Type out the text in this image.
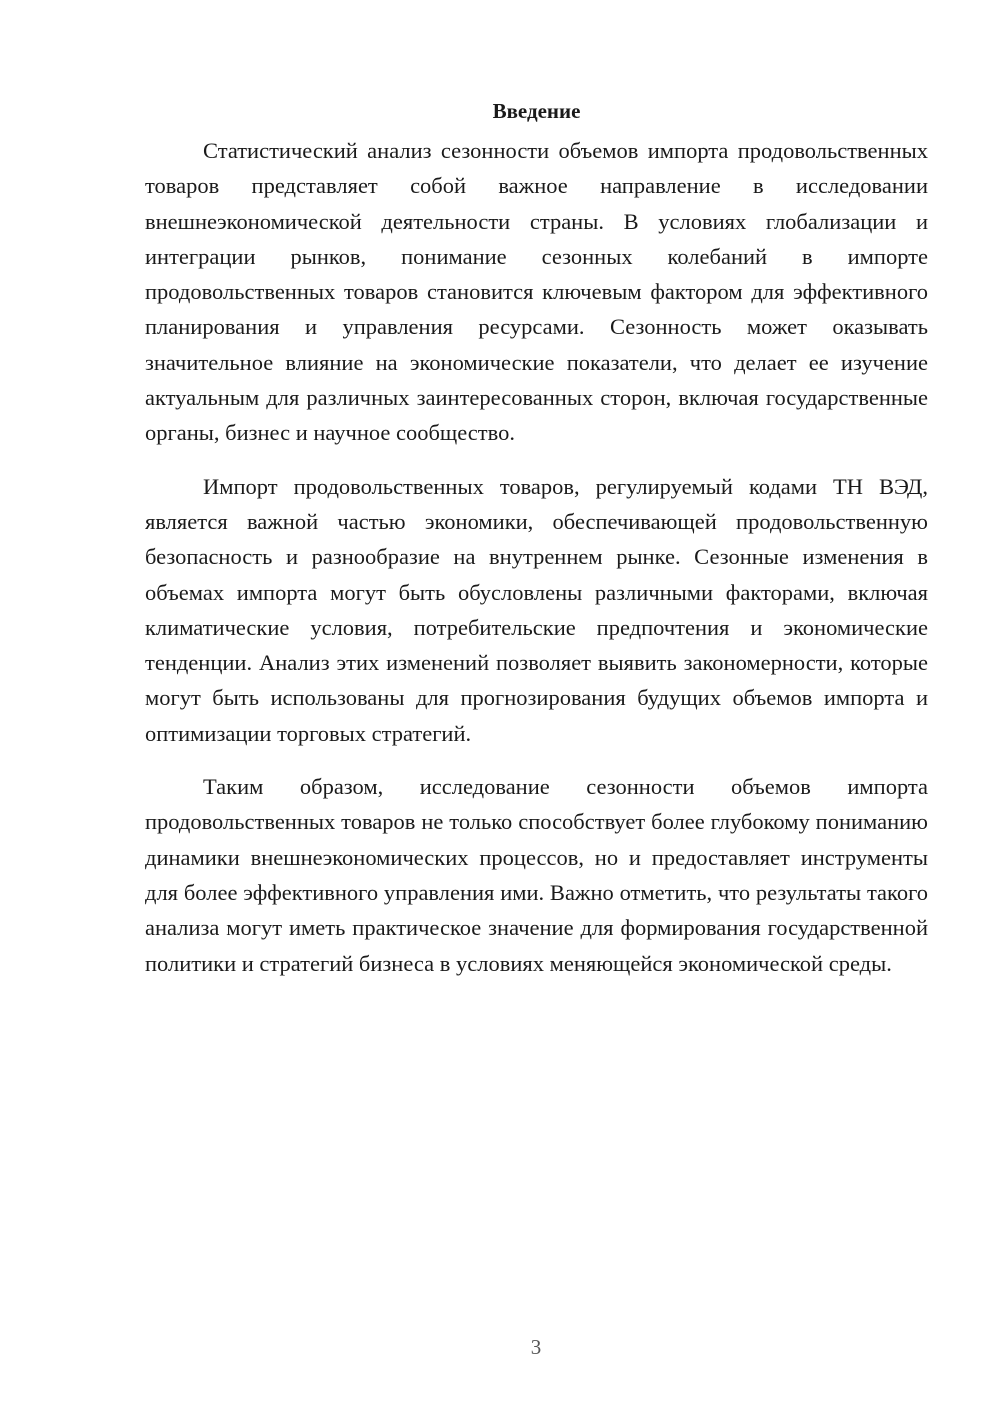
Введение

Статистический анализ сезонности объемов импорта продовольственных товаров представляет собой важное направление в исследовании внешнеэкономической деятельности страны. В условиях глобализации и интеграции рынков, понимание сезонных колебаний в импорте продовольственных товаров становится ключевым фактором для эффективного планирования и управления ресурсами. Сезонность может оказывать значительное влияние на экономические показатели, что делает ее изучение актуальным для различных заинтересованных сторон, включая государственные органы, бизнес и научное сообщество.

Импорт продовольственных товаров, регулируемый кодами ТН ВЭД, является важной частью экономики, обеспечивающей продовольственную безопасность и разнообразие на внутреннем рынке. Сезонные изменения в объемах импорта могут быть обусловлены различными факторами, включая климатические условия, потребительские предпочтения и экономические тенденции. Анализ этих изменений позволяет выявить закономерности, которые могут быть использованы для прогнозирования будущих объемов импорта и оптимизации торговых стратегий.

Таким образом, исследование сезонности объемов импорта продовольственных товаров не только способствует более глубокому пониманию динамики внешнеэкономических процессов, но и предоставляет инструменты для более эффективного управления ими. Важно отметить, что результаты такого анализа могут иметь практическое значение для формирования государственной политики и стратегий бизнеса в условиях меняющейся экономической среды.

3
